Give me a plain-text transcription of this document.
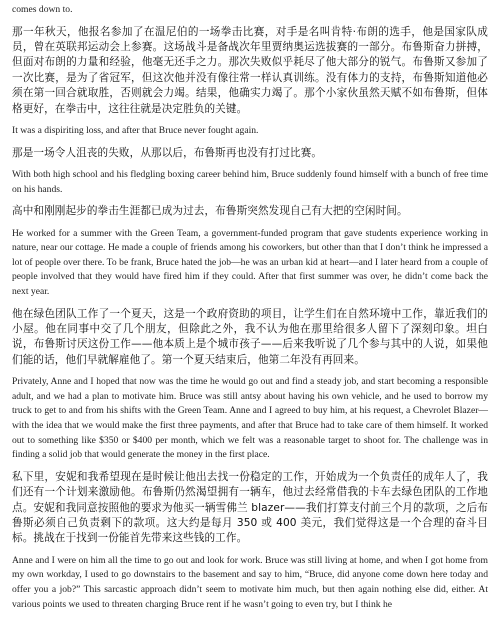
comes down to.

那一年秋天，他报名参加了在温尼伯的一场拳击比赛，对手是名叫肯特·布朗的选手，他是国家队成员，曾在英联邦运动会上参赛。这场战斗是备战次年里贾纳奥运选拔赛的一部分。布鲁斯奋力拼搏，但面对布朗的力量和经验，他毫无还手之力。那次失败似乎耗尽了他大部分的锐气。布鲁斯又参加了一次比赛，是为了省冠军，但这次他并没有像往常一样认真训练。没有体力的支持，布鲁斯知道他必须在第一回合就取胜，否则就会力竭。结果，他确实力竭了。那个小家伙虽然天赋不如布鲁斯，但体格更好，在拳击中，这往往就是决定胜负的关键。

It was a dispiriting loss, and after that Bruce never fought again.

那是一场令人沮丧的失败，从那以后，布鲁斯再也没有打过比赛。

With both high school and his fledgling boxing career behind him, Bruce suddenly found himself with a bunch of free time on his hands.

高中和刚刚起步的拳击生涯都已成为过去，布鲁斯突然发现自己有大把的空闲时间。

He worked for a summer with the Green Team, a government-funded program that gave students experience working in nature, near our cottage. He made a couple of friends among his coworkers, but other than that I don’t think he impressed a lot of people over there. To be frank, Bruce hated the job—he was an urban kid at heart—and I later heard from a couple of people involved that they would have fired him if they could. After that first summer was over, he didn’t come back the next year.

他在绿色团队工作了一个夏天，这是一个政府资助的项目，让学生们在自然环境中工作，靠近我们的小屋。他在同事中交了几个朋友，但除此之外，我不认为他在那里给很多人留下了深刻印象。坦白说，布鲁斯讨厌这份工作——他本质上是个城市孩子——后来我听说了几个参与其中的人说，如果他们能的话，他们早就解雇他了。第一个夏天结束后，他第二年没有再回来。

Privately, Anne and I hoped that now was the time he would go out and find a steady job, and start becoming a responsible adult, and we had a plan to motivate him. Bruce was still antsy about having his own vehicle, and he used to borrow my truck to get to and from his shifts with the Green Team. Anne and I agreed to buy him, at his request, a Chevrolet Blazer—with the idea that we would make the first three payments, and after that Bruce had to take care of them himself. It worked out to something like $350 or $400 per month, which we felt was a reasonable target to shoot for. The challenge was in finding a solid job that would generate the money in the first place.

私下里，安妮和我希望现在是时候让他出去找一份稳定的工作，开始成为一个负责任的成年人了，我们还有一个计划来激励他。布鲁斯仍然渴望拥有一辆车，他过去经常借我的卡车去绿色团队的工作地点。安妮和我同意按照他的要求为他买一辆雪佛兰 blazer——我们打算支付前三个月的款项，之后布鲁斯必须自己负责剩下的款项。这大约是每月 350 或 400 美元，我们觉得这是一个合理的奋斗目标。挑战在于找到一份能首先带来这些钱的工作。

Anne and I were on him all the time to go out and look for work. Bruce was still living at home, and when I got home from my own workday, I used to go downstairs to the basement and say to him, “Bruce, did anyone come down here today and offer you a job?” This sarcastic approach didn’t seem to motivate him much, but then again nothing else did, either. At various points we used to threaten charging Bruce rent if he wasn’t going to even try, but I think he
